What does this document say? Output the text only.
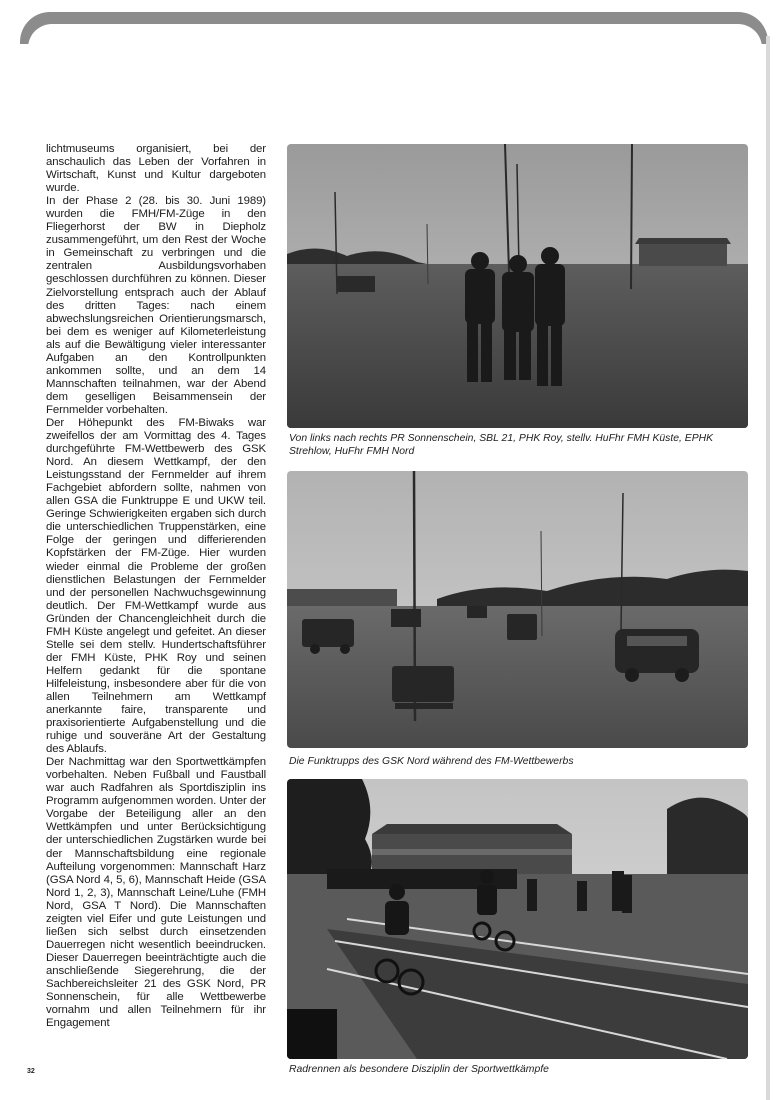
lichtmuseums organisiert, bei der anschaulich das Leben der Vorfahren in Wirtschaft, Kunst und Kultur dargeboten wurde.

In der Phase 2 (28. bis 30. Juni 1989) wurden die FMH/FM-Züge in den Fliegerhorst der BW in Diepholz zusammengeführt, um den Rest der Woche in Gemeinschaft zu verbringen und die zentralen Ausbildungsvorhaben geschlossen durchführen zu können. Dieser Zielvorstellung entsprach auch der Ablauf des dritten Tages: nach einem abwechslungsreichen Orientierungsmarsch, bei dem es weniger auf Kilometerleistung als auf die Bewältigung vieler interessanter Aufgaben an den Kontrollpunkten ankommen sollte, und an dem 14 Mannschaften teilnahmen, war der Abend dem geselligen Beisammensein der Fernmelder vorbehalten.

Der Höhepunkt des FM-Biwaks war zweifellos der am Vormittag des 4. Tages durchgeführte FM-Wettbewerb des GSK Nord. An diesem Wettkampf, der den Leistungsstand der Fernmelder auf ihrem Fachgebiet abfordern sollte, nahmen von allen GSA die Funktruppe E und UKW teil. Geringe Schwierigkeiten ergaben sich durch die unterschiedlichen Truppenstärken, eine Folge der geringen und differierenden Kopfstärken der FM-Züge. Hier wurden wieder einmal die Probleme der großen dienstlichen Belastungen der Fernmelder und der personellen Nachwuchsgewinnung deutlich. Der FM-Wettkampf wurde aus Gründen der Chancengleichheit durch die FMH Küste angelegt und gefeitet. An dieser Stelle sei dem stellv. Hundertschaftsführer der FMH Küste, PHK Roy und seinen Helfern gedankt für die spontane Hilfeleistung, insbesondere aber für die von allen Teilnehmern am Wettkampf anerkannte faire, transparente und praxisorientierte Aufgabenstellung und die ruhige und souveräne Art der Gestaltung des Ablaufs.

Der Nachmittag war den Sportwettkämpfen vorbehalten. Neben Fußball und Faustball war auch Radfahren als Sportdisziplin ins Programm aufgenommen worden. Unter der Vorgabe der Beteiligung aller an den Wettkämpfen und unter Berücksichtigung der unterschiedlichen Zugstärken wurde bei der Mannschaftsbildung eine regionale Aufteilung vorgenommen: Mannschaft Harz (GSA Nord 4, 5, 6), Mannschaft Heide (GSA Nord 1, 2, 3), Mannschaft Leine/Luhe (FMH Nord, GSA T Nord). Die Mannschaften zeigten viel Eifer und gute Leistungen und ließen sich selbst durch einsetzenden Dauerregen nicht wesentlich beeindrucken. Dieser Dauerregen beeinträchtigte auch die anschließende Siegerehrung, die der Sachbereichsleiter 21 des GSK Nord, PR Sonnenschein, für alle Wettbewerbe vornahm und allen Teilnehmern für ihr Engagement

32
Von links nach rechts PR Sonnenschein, SBL 21, PHK Roy, stellv. HuFhr FMH Küste, EPHK Strehlow, HuFhr FMH Nord
Die Funktrupps des GSK Nord während des FM-Wettbewerbs
Radrennen als besondere Disziplin der Sportwettkämpfe
